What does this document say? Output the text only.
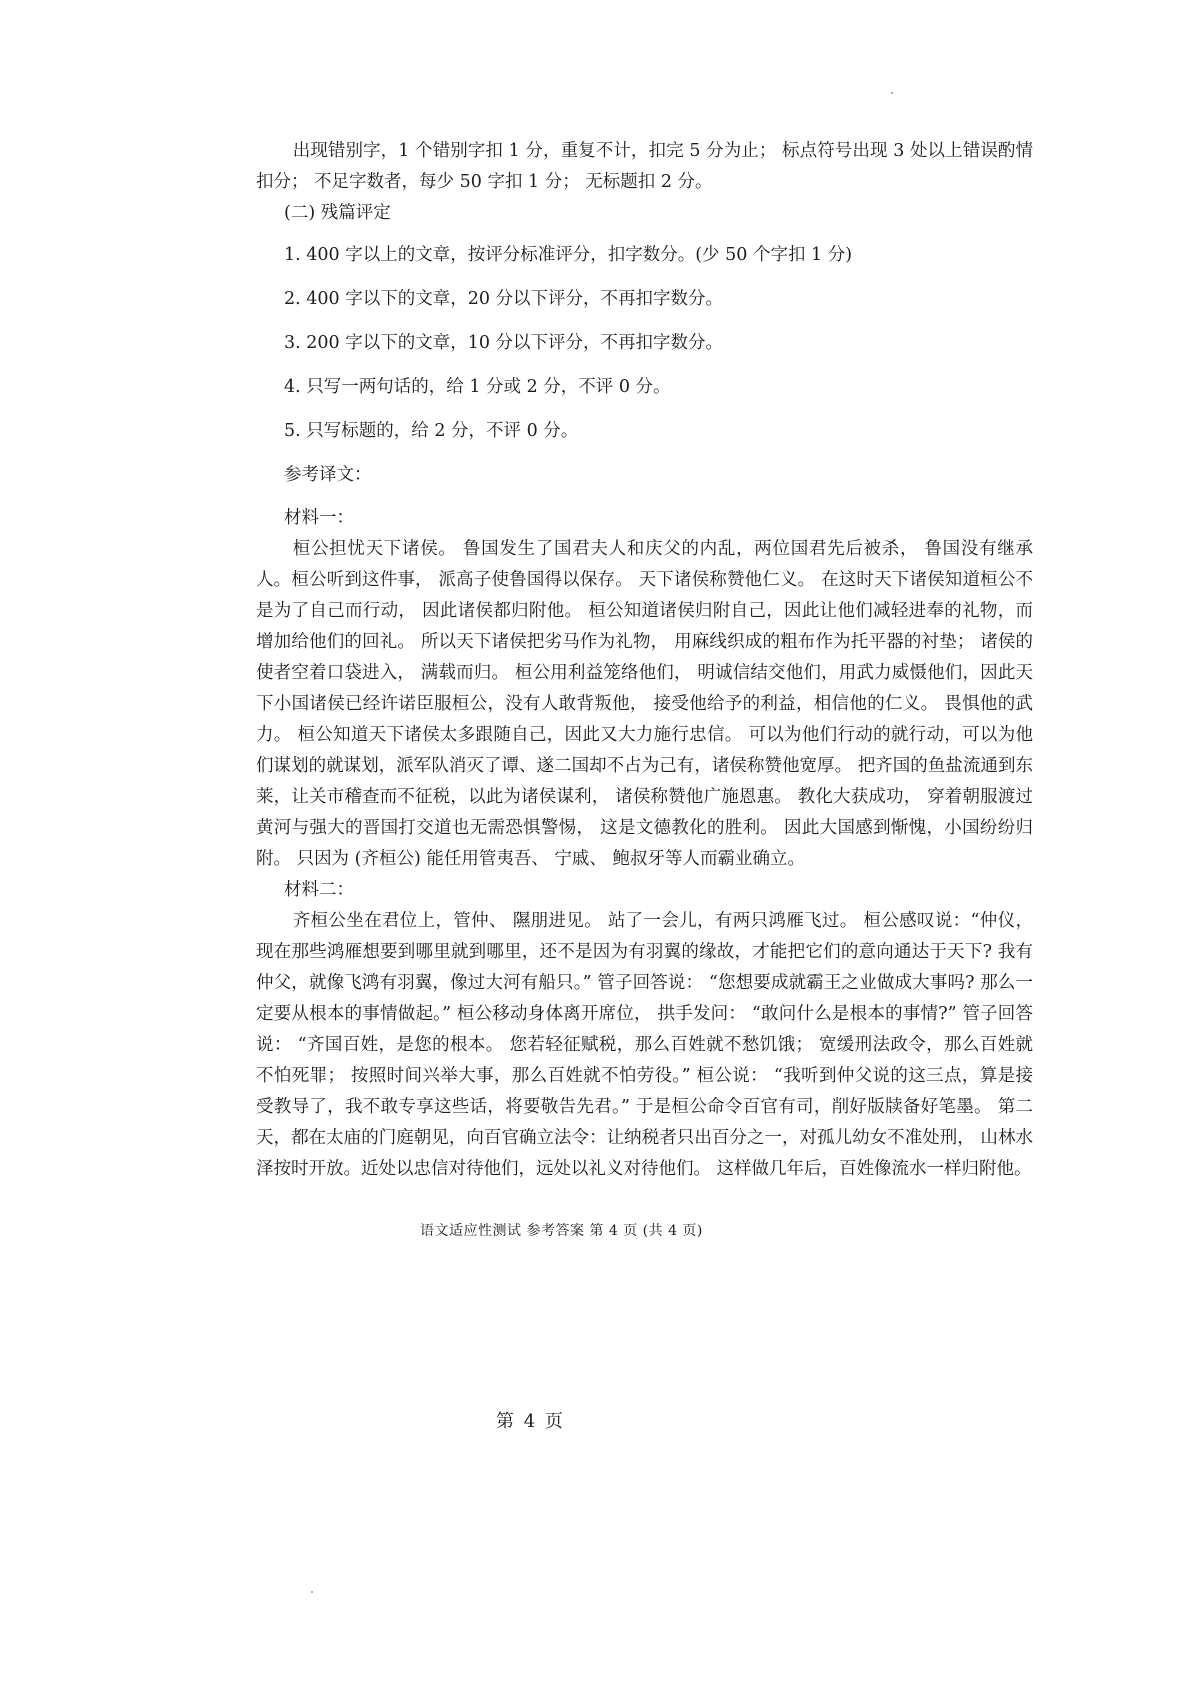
出现错别字，1 个错别字扣 1 分，重复不计，扣完 5 分为止； 标点符号出现 3 处以上错误酌情扣分； 不足字数者，每少 50 字扣 1 分； 无标题扣 2 分。

(二) 残篇评定

1. 400 字以上的文章，按评分标准评分，扣字数分。(少 50 个字扣 1 分)

2. 400 字以下的文章，20 分以下评分，不再扣字数分。

3. 200 字以下的文章，10 分以下评分，不再扣字数分。

4. 只写一两句话的，给 1 分或 2 分，不评 0 分。

5. 只写标题的，给 2 分，不评 0 分。

参考译文：

材料一：

桓公担忧天下诸侯。 鲁国发生了国君夫人和庆父的内乱，两位国君先后被杀， 鲁国没有继承人。桓公听到这件事， 派高子使鲁国得以保存。 天下诸侯称赞他仁义。 在这时天下诸侯知道桓公不是为了自己而行动， 因此诸侯都归附他。 桓公知道诸侯归附自己，因此让他们减轻进奉的礼物，而增加给他们的回礼。 所以天下诸侯把劣马作为礼物， 用麻线织成的粗布作为托平器的衬垫； 诸侯的使者空着口袋进入， 满载而归。 桓公用利益笼络他们， 明诚信结交他们，用武力威慑他们，因此天下小国诸侯已经许诺臣服桓公，没有人敢背叛他， 接受他给予的利益，相信他的仁义。 畏惧他的武力。 桓公知道天下诸侯太多跟随自己，因此又大力施行忠信。 可以为他们行动的就行动，可以为他们谋划的就谋划，派军队消灭了谭、遂二国却不占为己有，诸侯称赞他宽厚。 把齐国的鱼盐流通到东莱，让关市稽查而不征税，以此为诸侯谋利， 诸侯称赞他广施恩惠。 教化大获成功， 穿着朝服渡过黄河与强大的晋国打交道也无需恐惧警惕， 这是文德教化的胜利。 因此大国感到惭愧，小国纷纷归附。 只因为 (齐桓公) 能任用管夷吾、 宁戚、 鲍叔牙等人而霸业确立。

材料二：

齐桓公坐在君位上，管仲、 隰朋进见。 站了一会儿，有两只鸿雁飞过。 桓公感叹说：“仲仪， 现在那些鸿雁想要到哪里就到哪里，还不是因为有羽翼的缘故，才能把它们的意向通达于天下? 我有仲父，就像飞鸿有羽翼，像过大河有船只。” 管子回答说： “您想要成就霸王之业做成大事吗? 那么一定要从根本的事情做起。” 桓公移动身体离开席位， 拱手发问： “敢问什么是根本的事情?” 管子回答说： “齐国百姓，是您的根本。 您若轻征赋税，那么百姓就不愁饥饿； 宽缓刑法政令，那么百姓就不怕死罪； 按照时间兴举大事，那么百姓就不怕劳役。” 桓公说： “我听到仲父说的这三点，算是接受教导了，我不敢专享这些话，将要敬告先君。” 于是桓公命令百官有司，削好版牍备好笔墨。 第二天，都在太庙的门庭朝见，向百官确立法令：让纳税者只出百分之一，对孤儿幼女不准处刑， 山林水泽按时开放。近处以忠信对待他们，远处以礼义对待他们。 这样做几年后，百姓像流水一样归附他。

语文适应性测试 参考答案 第 4 页 (共 4 页)
第 4 页
